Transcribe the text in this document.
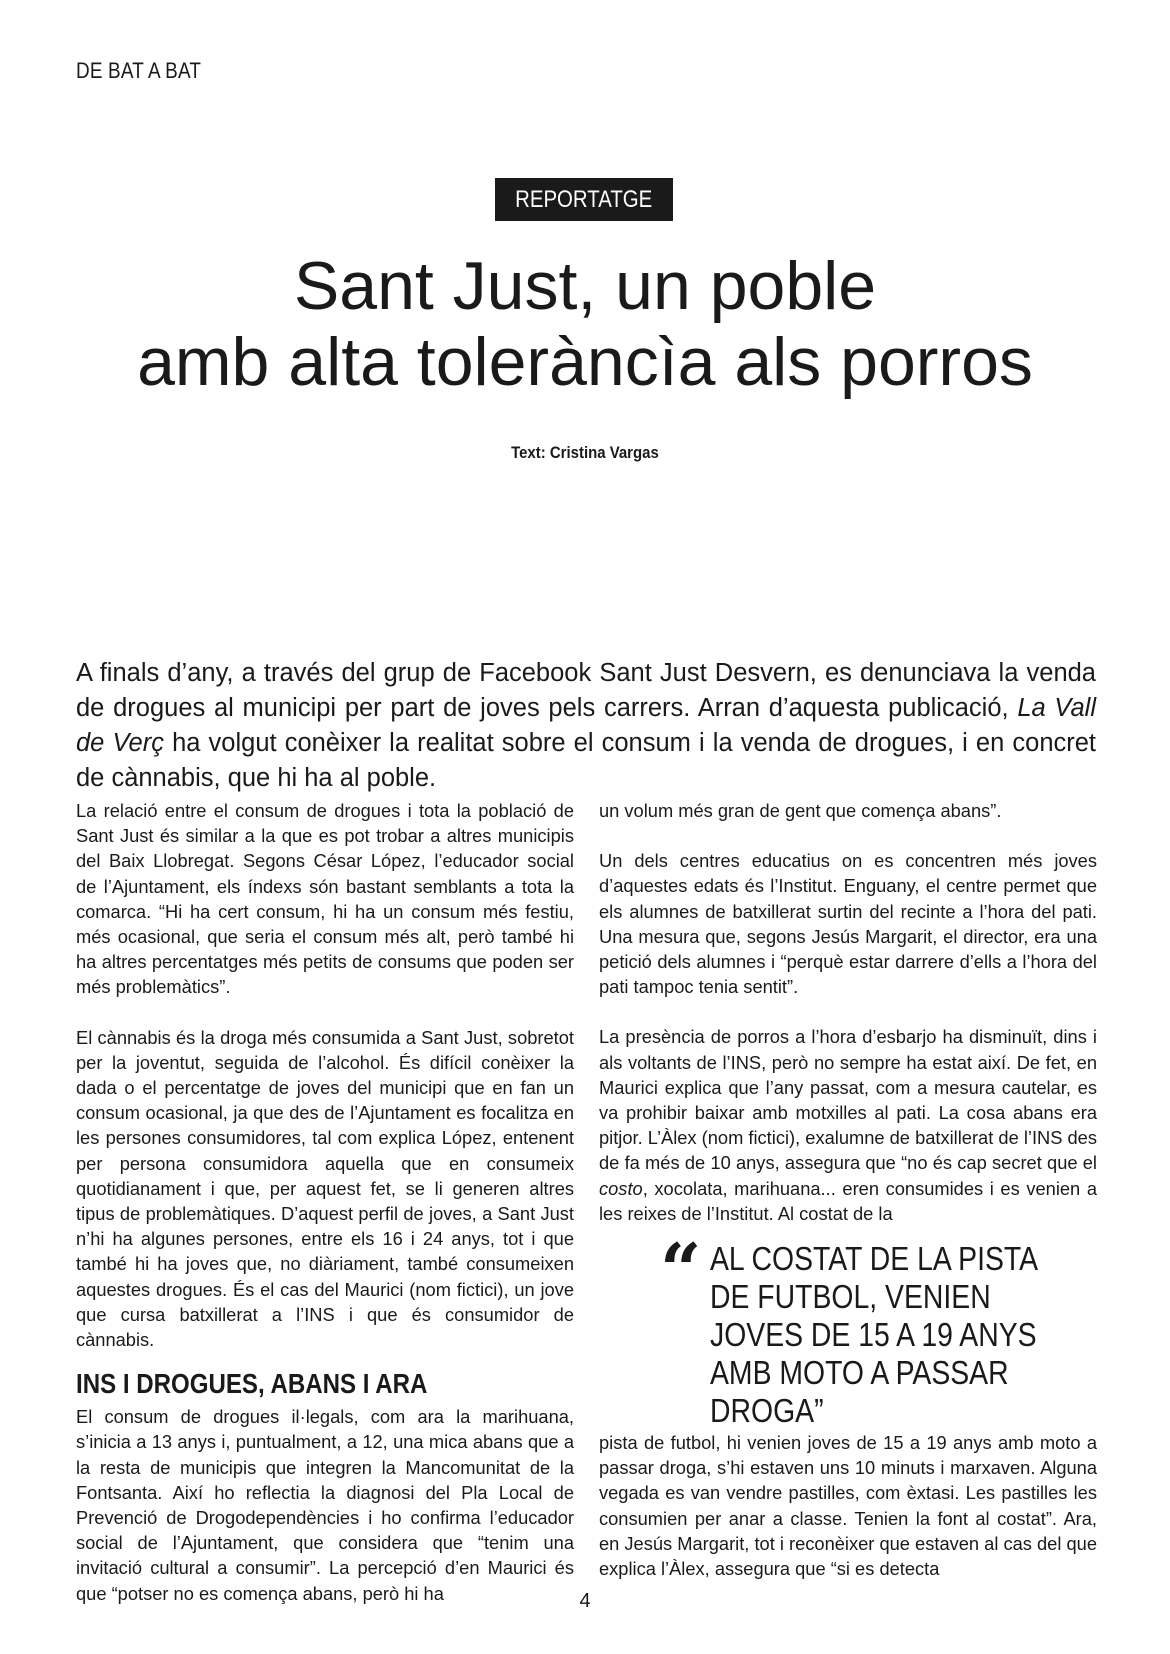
DE BAT A BAT
REPORTATGE
Sant Just, un poble
amb alta toleràncìa als porros
Text: Cristina Vargas

A finals d’any, a través del grup de Facebook Sant Just Desvern, es denunciava la venda de drogues al municipi per part de joves pels carrers. Arran d’aquesta publicació, La Vall de Verç ha volgut conèixer la realitat sobre el consum i la venda de drogues, i en concret de cànnabis, que hi ha al poble.

La relació entre el consum de drogues i tota la població de Sant Just és similar a la que es pot trobar a altres municipis del Baix Llobregat. Segons César López, l’educador social de l’Ajuntament, els índexs són bastant semblants a tota la comarca. “Hi ha cert consum, hi ha un consum més festiu, més ocasional, que seria el consum més alt, però també hi ha altres percentatges més petits de consums que poden ser més problemàtics”.

El cànnabis és la droga més consumida a Sant Just, sobretot per la joventut, seguida de l’alcohol. És difícil conèixer la dada o el percentatge de joves del municipi que en fan un consum ocasional, ja que des de l’Ajuntament es focalitza en les persones consumidores, tal com explica López, entenent per persona consumidora aquella que en consumeix quotidianament i que, per aquest fet, se li generen altres tipus de problemàtiques. D’aquest perfil de joves, a Sant Just n’hi ha algunes persones, entre els 16 i 24 anys, tot i que també hi ha joves que, no diàriament, també consumeixen aquestes drogues. És el cas del Maurici (nom fictici), un jove que cursa batxillerat a l’INS i que és consumidor de cànnabis.

INS I DROGUES, ABANS I ARA

El consum de drogues il·legals, com ara la marihuana, s’inicia a 13 anys i, puntualment, a 12, una mica abans que a la resta de municipis que integren la Mancomunitat de la Fontsanta. Així ho reflectia la diagnosi del Pla Local de Prevenció de Drogodependències i ho confirma l’educador social de l’Ajuntament, que considera que “tenim una invitació cultural a consumir”. La percepció d’en Maurici és que “potser no es comença abans, però hi ha

un volum més gran de gent que comença abans”.

Un dels centres educatius on es concentren més joves d’aquestes edats és l’Institut. Enguany, el centre permet que els alumnes de batxillerat surtin del recinte a l’hora del pati. Una mesura que, segons Jesús Margarit, el director, era una petició dels alumnes i “perquè estar darrere d’ells a l’hora del pati tampoc tenia sentit”.

La presència de porros a l’hora d’esbarjo ha disminuït, dins i als voltants de l’INS, però no sempre ha estat així. De fet, en Maurici explica que l’any passat, com a mesura cautelar, es va prohibir baixar amb motxilles al pati. La cosa abans era pitjor. L’Àlex (nom fictici), exalumne de batxillerat de l’INS des de fa més de 10 anys, assegura que “no és cap secret que el costo, xocolata, marihuana... eren consumides i es venien a les reixes de l’Institut. Al costat de la

“ AL COSTAT DE LA PISTA DE FUTBOL, VENIEN JOVES DE 15 A 19 ANYS AMB MOTO A PASSAR DROGA”

pista de futbol, hi venien joves de 15 a 19 anys amb moto a passar droga, s’hi estaven uns 10 minuts i marxaven. Alguna vegada es van vendre pastilles, com èxtasi. Les pastilles les consumien per anar a classe. Tenien la font al costat”. Ara, en Jesús Margarit, tot i reconèixer que estaven al cas del que explica l’Àlex, assegura que “si es detecta

4
